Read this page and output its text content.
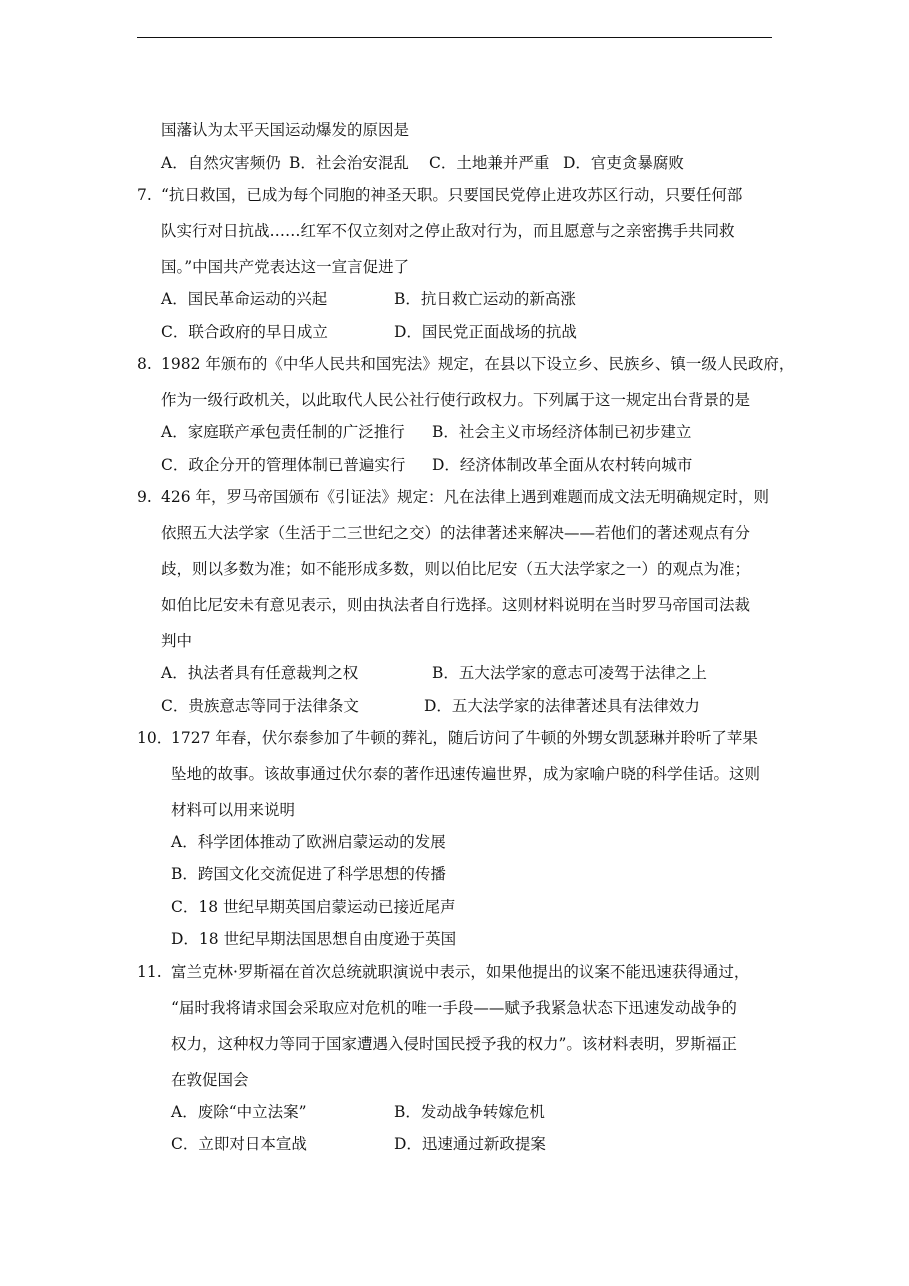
国藩认为太平天国运动爆发的原因是
A．自然灾害频仍 B．社会治安混乱 C．土地兼并严重 D．官吏贪暴腐败
7. “抗日救国，已成为每个同胞的神圣天职。只要国民党停止进攻苏区行动，只要任何部
队实行对日抗战……红军不仅立刻对之停止敌对行为，而且愿意与之亲密携手共同救
国。”中国共产党表达这一宣言促进了
A．国民革命运动的兴起	B．抗日救亡运动的新高涨
C．联合政府的早日成立	D．国民党正面战场的抗战
8. 1982 年颁布的《中华人民共和国宪法》规定，在县以下设立乡、民族乡、镇一级人民政府，
作为一级行政机关，以此取代人民公社行使行政权力。下列属于这一规定出台背景的是
A．家庭联产承包责任制的广泛推行 B．社会主义市场经济体制已初步建立
C．政企分开的管理体制已普遍实行 D．经济体制改革全面从农村转向城市
9. 426 年，罗马帝国颁布《引证法》规定：凡在法律上遇到难题而成文法无明确规定时，则
依照五大法学家（生活于二三世纪之交）的法律著述来解决——若他们的著述观点有分
歧，则以多数为准；如不能形成多数，则以伯比尼安（五大法学家之一）的观点为准；
如伯比尼安未有意见表示，则由执法者自行选择。这则材料说明在当时罗马帝国司法裁
判中
A．执法者具有任意裁判之权	B．五大法学家的意志可凌驾于法律之上
C．贵族意志等同于法律条文	D．五大法学家的法律著述具有法律效力
10．
1727 年春，伏尔泰参加了牛顿的葬礼，随后访问了牛顿的外甥女凯瑟琳并聆听了苹果
坠地的故事。该故事通过伏尔泰的著作迅速传遍世界，成为家喻户晓的科学佳话。这则
材料可以用来说明
A．科学团体推动了欧洲启蒙运动的发展
B．跨国文化交流促进了科学思想的传播
C．18 世纪早期英国启蒙运动已接近尾声
D．18 世纪早期法国思想自由度逊于英国
11. 富兰克林·罗斯福在首次总统就职演说中表示，如果他提出的议案不能迅速获得通过，
“届时我将请求国会采取应对危机的唯一手段——赋予我紧急状态下迅速发动战争的
权力，这种权力等同于国家遭遇入侵时国民授予我的权力”。该材料表明，罗斯福正
在敦促国会
A．废除“中立法案”	B．发动战争转嫁危机
C．立即对日本宣战	D．迅速通过新政提案
